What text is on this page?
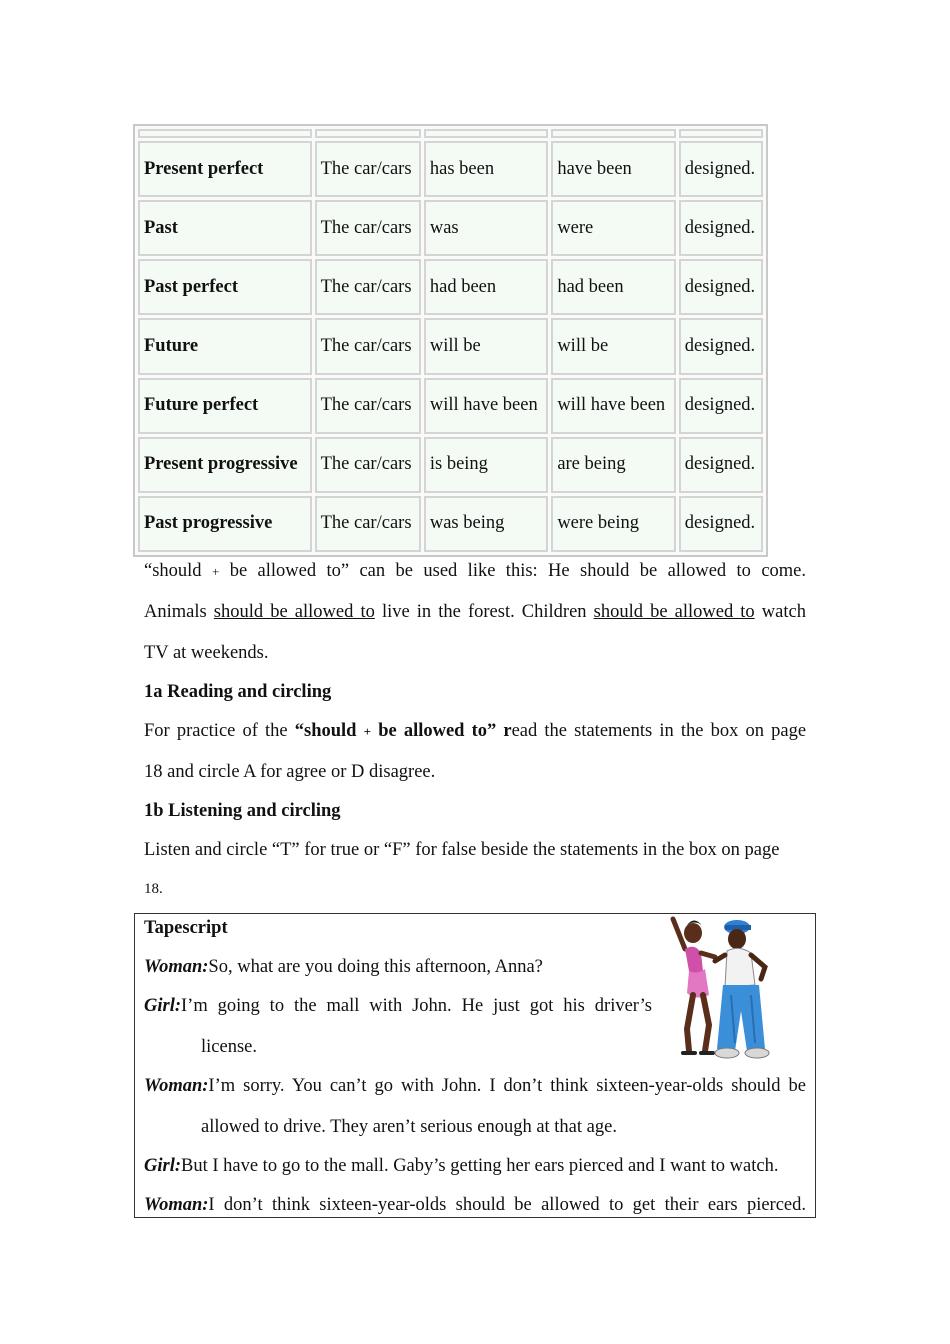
Present perfect	The car/cars	has been	have been	designed.
Past	The car/cars	was	were	designed.
Past perfect	The car/cars	had been	had been	designed.
Future	The car/cars	will be	will be	designed.
Future perfect	The car/cars	will have been	will have been	designed.
Present progressive	The car/cars	is being	are being	designed.
Past progressive	The car/cars	was being	were being	designed.

“should + be allowed to” can be used like this: He should be allowed to come.

Animals should be allowed to live in the forest. Children should be allowed to watch

TV at weekends.

1a Reading and circling

For practice of the “should + be allowed to” read the statements in the box on page

18 and circle A for agree or D disagree.

1b Listening and circling

Listen and circle “T” for true or “F” for false beside the statements in the box on page

18.

Tapescript
Woman:So, what are you doing this afternoon, Anna?
Girl:I’m going to the mall with John. He just got his driver’s
license.
Woman:I’m sorry. You can’t go with John. I don’t think sixteen-year-olds should be
allowed to drive. They aren’t serious enough at that age.
Girl:But I have to go to the mall. Gaby’s getting her ears pierced and I want to watch.
Woman:I don’t think sixteen-year-olds should be allowed to get their ears pierced.
